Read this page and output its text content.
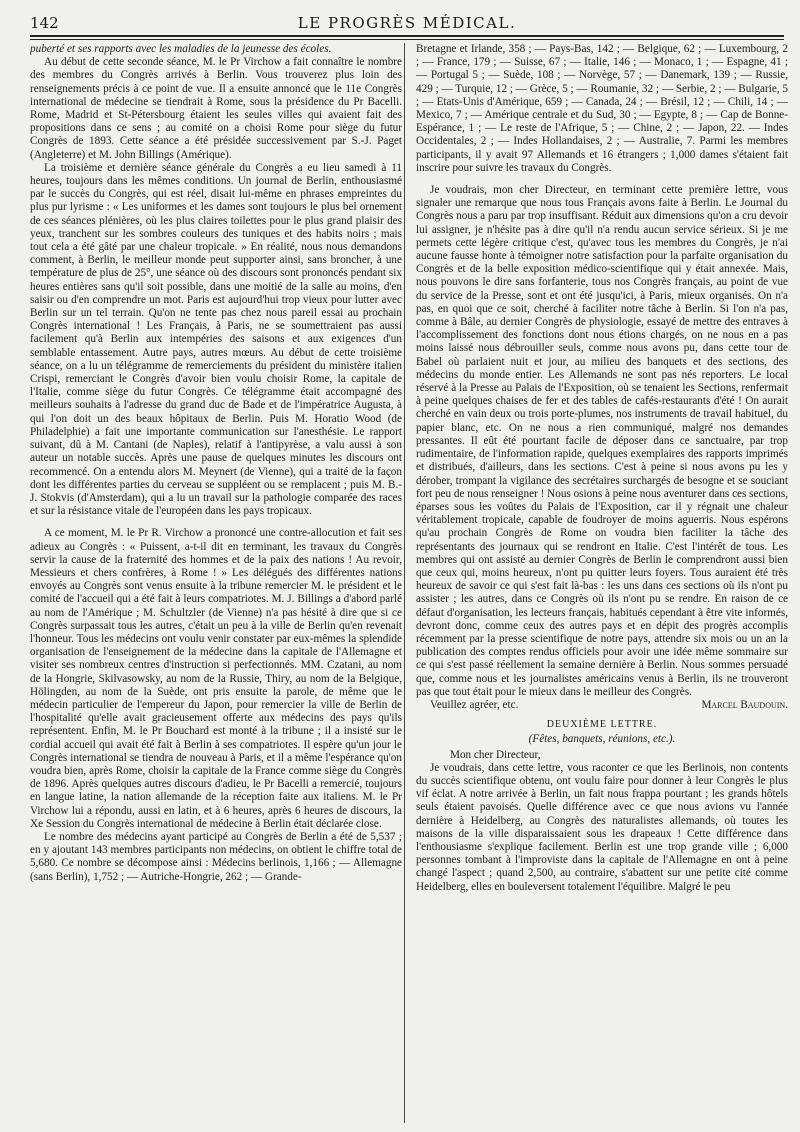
142	LE PROGRÈS MÉDICAL.

puberté et ses rapports avec les maladies de la jeunesse des écoles.

Au début de cette seconde séance, M. le Pr Virchow a fait connaître le nombre des membres du Congrès arrivés à Berlin. Vous trouverez plus loin des renseignements précis à ce point de vue. Il a ensuite annoncé que le 11e Congrès international de médecine se tiendrait à Rome, sous la présidence du Pr Bacelli. Rome, Madrid et St-Pétersbourg étaient les seules villes qui avaient fait des propositions dans ce sens ; au comité on a choisi Rome pour siège du futur Congrès de 1893. Cette séance a été présidée successivement par S.-J. Paget (Angleterre) et M. John Billings (Amérique).

La troisième et dernière séance générale du Congrès a eu lieu samedi à 11 heures, toujours dans les mêmes conditions. Un journal de Berlin, enthousiasmé par le succès du Congrès, qui est réel, disait lui-même en phrases empreintes du plus pur lyrisme : « Les uniformes et les dames sont toujours le plus bel ornement de ces séances plénières, où les plus claires toilettes pour le plus grand plaisir des yeux, tranchent sur les sombres couleurs des tuniques et des habits noirs ; mais tout cela a été gâté par une chaleur tropicale. » En réalité, nous nous demandons comment, à Berlin, le meilleur monde peut supporter ainsi, sans broncher, à une température de plus de 25°, une séance où des discours sont prononcés pendant six heures entières sans qu'il soit possible, dans une moitié de la salle au moins, d'en saisir ou d'en comprendre un mot. Paris est aujourd'hui trop vieux pour lutter avec Berlin sur un tel terrain. Qu'on ne tente pas chez nous pareil essai au prochain Congrès international ! Les Français, à Paris, ne se soumettraient pas aussi facilement qu'à Berlin aux intempéries des saisons et aux exigences d'un semblable entassement. Autre pays, autres mœurs. Au début de cette troisième séance, on a lu un télégramme de remerciements du président du ministère italien Crispi, remerciant le Congrès d'avoir bien voulu choisir Rome, la capitale de l'Italie, comme siège du futur Congrès. Ce télégramme était accompagné des meilleurs souhaits à l'adresse du grand duc de Bade et de l'impératrice Augusta, à qui l'on doit un des beaux hôpitaux de Berlin. Puis M. Horatio Wood (de Philadelphie) a fait une importante communication sur l'anesthésie. Le rapport suivant, dû à M. Cantani (de Naples), relatif à l'antipyrèse, a valu aussi à son auteur un notable succès. Après une pause de quelques minutes les discours ont recommencé. On a entendu alors M. Meynert (de Vienne), qui a traité de la façon dont les différentes parties du cerveau se suppléent ou se remplacent ; puis M. B.-J. Stokvis (d'Amsterdam), qui a lu un travail sur la pathologie comparée des races et sur la résistance vitale de l'européen dans les pays tropicaux.

A ce moment, M. le Pr R. Virchow a prononcé une contre-allocution et fait ses adieux au Congrès : « Puissent, a-t-il dit en terminant, les travaux du Congrès servir la cause de la fraternité des hommes et de la paix des nations ! Au revoir, Messieurs et chers confrères, à Rome ! » Les délégués des différentes nations envoyés au Congrès sont venus ensuite à la tribune remercier M. le président et le comité de l'accueil qui a été fait à leurs compatriotes. M. J. Billings a d'abord parlé au nom de l'Amérique ; M. Schultzler (de Vienne) n'a pas hésité à dire que si ce Congrès surpassait tous les autres, c'était un peu à la ville de Berlin qu'en revenait l'honneur. Tous les médecins ont voulu venir constater par eux-mêmes la splendide organisation de l'enseignement de la médecine dans la capitale de l'Allemagne et visiter ses nombreux centres d'instruction si perfectionnés. MM. Czatani, au nom de la Hongrie, Skilvasowsky, au nom de la Russie, Thiry, au nom de la Belgique, Hölingden, au nom de la Suède, ont pris ensuite la parole, de même que le médecin particulier de l'empereur du Japon, pour remercier la ville de Berlin de l'hospitalité qu'elle avait gracieusement offerte aux médecins des pays qu'ils représentent. Enfin, M. le Pr Bouchard est monté à la tribune ; il a insisté sur le cordial accueil qui avait été fait à Berlin à ses compatriotes. Il espère qu'un jour le Congrès international se tiendra de nouveau à Paris, et il a même l'espérance qu'on voudra bien, après Rome, choisir la capitale de la France comme siège du Congrès de 1896. Après quelques autres discours d'adieu, le Pr Bacelli a remercié, toujours en langue latine, la nation allemande de la réception faite aux italiens. M. le Pr Virchow lui a répondu, aussi en latin, et à 6 heures, après 6 heures de discours, la Xe Session du Congrès international de médecine à Berlin était déclarée close.

Le nombre des médecins ayant participé au Congrès de Berlin a été de 5,537 ; en y ajoutant 143 membres participants non médecins, on obtient le chiffre total de 5,680. Ce nombre se décompose ainsi : Médecins berlinois, 1,166 ; — Allemagne (sans Berlin), 1,752 ; — Autriche-Hongrie, 262 ; — Grande-

Bretagne et Irlande, 358 ; — Pays-Bas, 142 ; — Belgique, 62 ; — Luxembourg, 2 ; — France, 179 ; — Suisse, 67 ; — Italie, 146 ; — Monaco, 1 ; — Espagne, 41 ; — Portugal 5 ; — Suède, 108 ; — Norvège, 57 ; — Danemark, 139 ; — Russie, 429 ; — Turquie, 12 ; — Grèce, 5 ; — Roumanie, 32 ; — Serbie, 2 ; — Bulgarie, 5 ; — Etats-Unis d'Amérique, 659 ; — Canada, 24 ; — Brésil, 12 ; — Chili, 14 ; — Mexico, 7 ; — Amérique centrale et du Sud, 30 ; — Egypte, 8 ; — Cap de Bonne-Espérance, 1 ; — Le reste de l'Afrique, 5 ; — Chine, 2 ; — Japon, 22. — Indes Occidentales, 2 ; — Indes Hollandaises, 2 ; — Australie, 7. Parmi les membres participants, il y avait 97 Allemands et 16 étrangers ; 1,000 dames s'étaient fait inscrire pour suivre les travaux du Congrès.

Je voudrais, mon cher Directeur, en terminant cette première lettre, vous signaler une remarque que nous tous Français avons faite à Berlin. Le Journal du Congrès nous a paru par trop insuffisant. Réduit aux dimensions qu'on a cru devoir lui assigner, je n'hésite pas à dire qu'il n'a rendu aucun service sérieux. Si je me permets cette légère critique c'est, qu'avec tous les membres du Congrès, je n'ai aucune fausse honte à témoigner notre satisfaction pour la parfaite organisation du Congrès et de la belle exposition médico-scientifique qui y était annexée. Mais, nous pouvons le dire sans forfanterie, tous nos Congrès français, au point de vue du service de la Presse, sont et ont été jusqu'ici, à Paris, mieux organisés. On n'a pas, en quoi que ce soit, cherché à faciliter notre tâche à Berlin. Si l'on n'a pas, comme à Bâle, au dernier Congrès de physiologie, essayé de mettre des entraves à l'accomplissement des fonctions dont nous étions chargés, on ne nous en a pas moins laissé nous débrouiller seuls, comme nous avons pu, dans cette tour de Babel où parlaient nuit et jour, au milieu des banquets et des sections, des médecins du monde entier. Les Allemands ne sont pas nés reporters. Le local réservé à la Presse au Palais de l'Exposition, où se tenaient les Sections, renfermait à peine quelques chaises de fer et des tables de cafés-restaurants d'été ! On aurait cherché en vain deux ou trois porte-plumes, nos instruments de travail habituel, du papier blanc, etc. On ne nous a rien communiqué, malgré nos demandes pressantes. Il eût été pourtant facile de déposer dans ce sanctuaire, par trop rudimentaire, de l'information rapide, quelques exemplaires des rapports imprimés et distribués, d'ailleurs, dans les sections. C'est à peine si nous avons pu les y dérober, trompant la vigilance des secrétaires surchargés de besogne et se souciant fort peu de nous renseigner ! Nous osions à peine nous aventurer dans ces sections, éparses sous les voûtes du Palais de l'Exposition, car il y régnait une chaleur véritablement tropicale, capable de foudroyer de moins aguerris. Nous espérons qu'au prochain Congrès de Rome on voudra bien faciliter la tâche des représentants des journaux qui se rendront en Italie. C'est l'intérêt de tous. Les membres qui ont assisté au dernier Congrès de Berlin le comprendront aussi bien que ceux qui, moins heureux, n'ont pu quitter leurs foyers. Tous auraient été très heureux de savoir ce qui s'est fait là-bas : les uns dans ces sections où ils n'ont pu assister ; les autres, dans ce Congrès où ils n'ont pu se rendre. En raison de ce défaut d'organisation, les lecteurs français, habitués cependant à être vite informés, devront donc, comme ceux des autres pays et en dépit des progrès accomplis récemment par la presse scientifique de notre pays, attendre six mois ou un an la publication des comptes rendus officiels pour avoir une idée même sommaire sur ce qui s'est passé réellement la semaine dernière à Berlin. Nous sommes persuadé que, comme nous et les journalistes américains venus à Berlin, ils ne trouveront pas que tout était pour le mieux dans le meilleur des Congrès.

Veuillez agréer, etc.	Marcel Baudouin.
DEUXIÈME LETTRE.
(Fêtes, banquets, réunions, etc.).

Mon cher Directeur,

Je voudrais, dans cette lettre, vous raconter ce que les Berlinois, non contents du succès scientifique obtenu, ont voulu faire pour donner à leur Congrès le plus vif éclat. A notre arrivée à Berlin, un fait nous frappa pourtant ; les grands hôtels seuls étaient pavoisés. Quelle différence avec ce que nous avions vu l'année dernière à Heidelberg, au Congrès des naturalistes allemands, où toutes les maisons de la ville disparaissaient sous les drapeaux ! Cette différence dans l'enthousiasme s'explique facilement. Berlin est une trop grande ville ; 6,000 personnes tombant à l'improviste dans la capitale de l'Allemagne en ont à peine changé l'aspect ; quand 2,500, au contraire, s'abattent sur une petite cité comme Heidelberg, elles en bouleversent totalement l'équilibre. Malgré le peu
